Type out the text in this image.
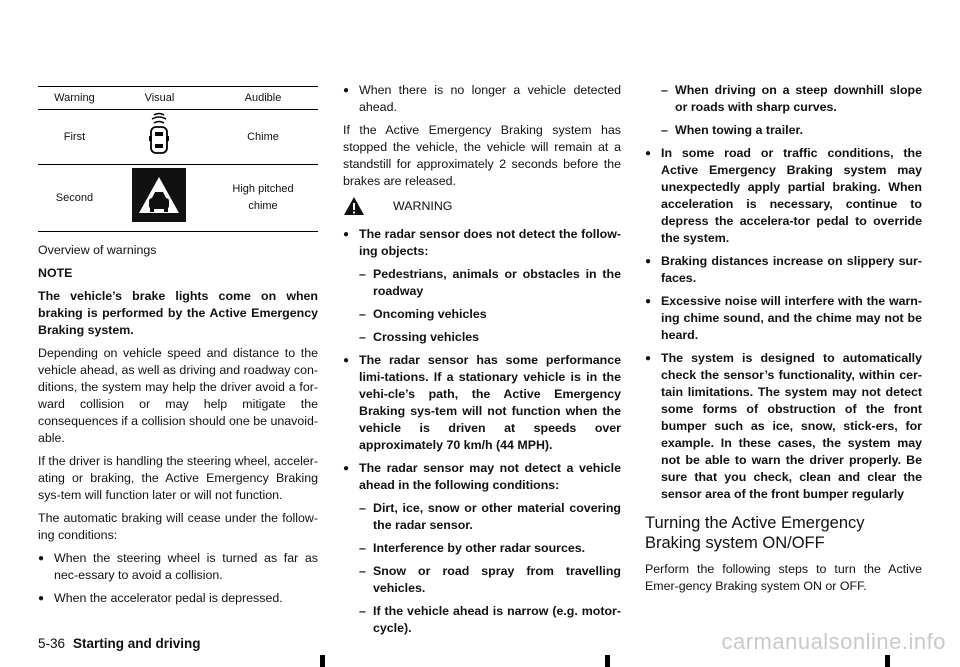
Warning	Visual	Audible
First		Chime
Second		High pitched
chime

Overview of warnings

NOTE

The vehicle’s brake lights come on when braking is performed by the Active Emergency Braking system.

Depending on vehicle speed and distance to the vehicle ahead, as well as driving and roadway con-ditions, the system may help the driver avoid a for-ward collision or may help mitigate the consequences if a collision should one be unavoid-able.

If the driver is handling the steering wheel, acceler-ating or braking, the Active Emergency Braking sys-tem will function later or will not function.

The automatic braking will cease under the follow-ing conditions:

● When the steering wheel is turned as far as nec-essary to avoid a collision.
● When the accelerator pedal is depressed.
● When there is no longer a vehicle detected ahead.

If the Active Emergency Braking system has stopped the vehicle, the vehicle will remain at a standstill for approximately 2 seconds before the brakes are released.

WARNING
● The radar sensor does not detect the follow-ing objects:
– Pedestrians, animals or obstacles in the roadway
– Oncoming vehicles
– Crossing vehicles
● The radar sensor has some performance limi-tations. If a stationary vehicle is in the vehi-cle’s path, the Active Emergency Braking sys-tem will not function when the vehicle is driven at speeds over approximately 70 km/h (44 MPH).
● The radar sensor may not detect a vehicle ahead in the following conditions:
– Dirt, ice, snow or other material covering the radar sensor.
– Interference by other radar sources.
– Snow or road spray from travelling vehicles.
– If the vehicle ahead is narrow (e.g. motor-cycle).
– When driving on a steep downhill slope or roads with sharp curves.
– When towing a trailer.
● In some road or traffic conditions, the Active Emergency Braking system may unexpectedly apply partial braking. When acceleration is necessary, continue to depress the accelera-tor pedal to override the system.
● Braking distances increase on slippery sur-faces.
● Excessive noise will interfere with the warn-ing chime sound, and the chime may not be heard.
● The system is designed to automatically check the sensor’s functionality, within cer-tain limitations. The system may not detect some forms of obstruction of the front bumper such as ice, snow, stick-ers, for example. In these cases, the system may not be able to warn the driver properly. Be sure that you check, clean and clear the sensor area of the front bumper regularly
Turning the Active Emergency Braking system ON/OFF

Perform the following steps to turn the Active Emer-gency Braking system ON or OFF.

5-36 Starting and driving	carmanualsonline.info
